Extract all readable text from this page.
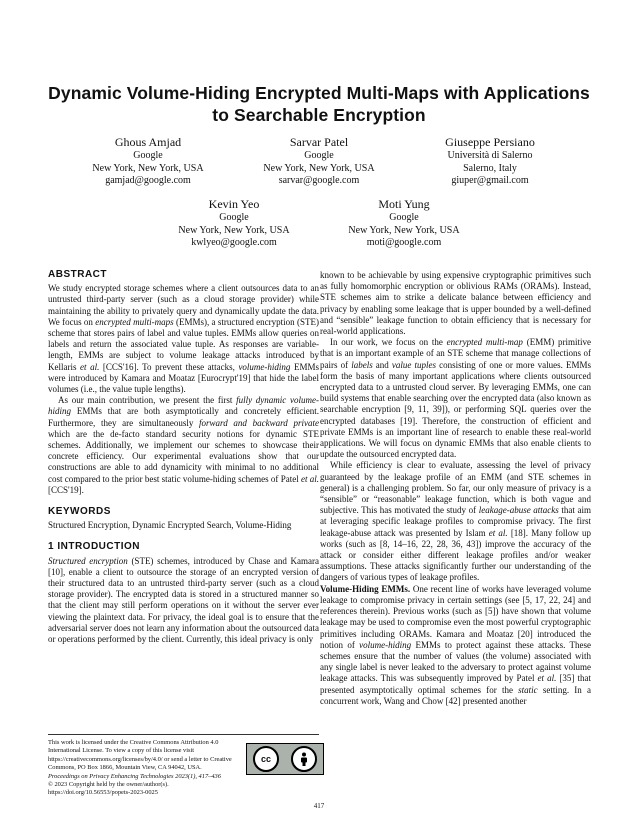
Dynamic Volume-Hiding Encrypted Multi-Maps with Applications to Searchable Encryption
Ghous Amjad
Google
New York, New York, USA
gamjad@google.com
Sarvar Patel
Google
New York, New York, USA
sarvar@google.com
Giuseppe Persiano
Università di Salerno
Salerno, Italy
giuper@gmail.com
Kevin Yeo
Google
New York, New York, USA
kwlyeo@google.com
Moti Yung
Google
New York, New York, USA
moti@google.com
ABSTRACT

We study encrypted storage schemes where a client outsources data to an untrusted third-party server (such as a cloud storage provider) while maintaining the ability to privately query and dynamically update the data. We focus on encrypted multi-maps (EMMs), a structured encryption (STE) scheme that stores pairs of label and value tuples. EMMs allow queries on labels and return the associated value tuple. As responses are variable-length, EMMs are subject to volume leakage attacks introduced by Kellaris et al. [CCS'16]. To prevent these attacks, volume-hiding EMMs were introduced by Kamara and Moataz [Eurocrypt'19] that hide the label volumes (i.e., the value tuple lengths).

As our main contribution, we present the first fully dynamic volume-hiding EMMs that are both asymptotically and concretely efficient. Furthermore, they are simultaneously forward and backward private which are the de-facto standard security notions for dynamic STE schemes. Additionally, we implement our schemes to showcase their concrete efficiency. Our experimental evaluations show that our constructions are able to add dynamicity with minimal to no additional cost compared to the prior best static volume-hiding schemes of Patel et al. [CCS'19].

KEYWORDS

Structured Encryption, Dynamic Encrypted Search, Volume-Hiding

1 INTRODUCTION

Structured encryption (STE) schemes, introduced by Chase and Kamara [10], enable a client to outsource the storage of an encrypted version of their structured data to an untrusted third-party server (such as a cloud storage provider). The encrypted data is stored in a structured manner so that the client may still perform operations on it without the server ever viewing the plaintext data. For privacy, the ideal goal is to ensure that the adversarial server does not learn any information about the outsourced data or operations performed by the client. Currently, this ideal privacy is only

This work is licensed under the Creative Commons Attribution 4.0 International License. To view a copy of this license visit https://creativecommons.org/licenses/by/4.0/ or send a letter to Creative Commons, PO Box 1866, Mountain View, CA 94042, USA.
cc
Proceedings on Privacy Enhancing Technologies 2023(1), 417–436
© 2023 Copyright held by the owner/author(s).
https://doi.org/10.56553/popets-2023-0025

known to be achievable by using expensive cryptographic primitives such as fully homomorphic encryption or oblivious RAMs (ORAMs). Instead, STE schemes aim to strike a delicate balance between efficiency and privacy by enabling some leakage that is upper bounded by a well-defined and “sensible” leakage function to obtain efficiency that is necessary for real-world applications.

In our work, we focus on the encrypted multi-map (EMM) primitive that is an important example of an STE scheme that manage collections of pairs of labels and value tuples consisting of one or more values. EMMs form the basis of many important applications where clients outsourced encrypted data to a untrusted cloud server. By leveraging EMMs, one can build systems that enable searching over the encrypted data (also known as searchable encryption [9, 11, 39]), or performing SQL queries over the encrypted databases [19]. Therefore, the construction of efficient and private EMMs is an important line of research to enable these real-world applications. We will focus on dynamic EMMs that also enable clients to update the outsourced encrypted data.

While efficiency is clear to evaluate, assessing the level of privacy guaranteed by the leakage profile of an EMM (and STE schemes in general) is a challenging problem. So far, our only measure of privacy is a “sensible” or “reasonable” leakage function, which is both vague and subjective. This has motivated the study of leakage-abuse attacks that aim at leveraging specific leakage profiles to compromise privacy. The first leakage-abuse attack was presented by Islam et al. [18]. Many follow up works (such as [8, 14–16, 22, 28, 36, 43]) improve the accuracy of the attack or consider either different leakage profiles and/or weaker assumptions. These attacks significantly further our understanding of the dangers of various types of leakage profiles.

Volume-Hiding EMMs. One recent line of works have leveraged volume leakage to compromise privacy in certain settings (see [5, 17, 22, 24] and references therein). Previous works (such as [5]) have shown that volume leakage may be used to compromise even the most powerful cryptographic primitives including ORAMs. Kamara and Moataz [20] introduced the notion of volume-hiding EMMs to protect against these attacks. These schemes ensure that the number of values (the volume) associated with any single label is never leaked to the adversary to protect against volume leakage attacks. This was subsequently improved by Patel et al. [35] that presented asymptotically optimal schemes for the static setting. In a concurrent work, Wang and Chow [42] presented another

417
